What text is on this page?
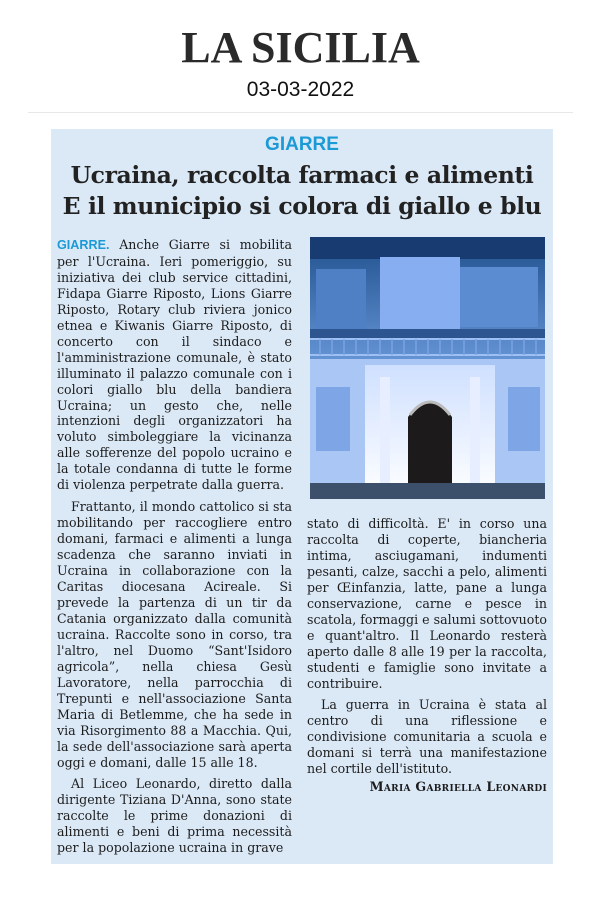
LA SICILIA
03-03-2022
GIARRE
Ucraina, raccolta farmaci e alimenti
E il municipio si colora di giallo e blu

GIARRE. Anche Giarre si mobilita per l'Ucraina. Ieri pomeriggio, su iniziativa dei club service cittadini, Fidapa Giarre Riposto, Lions Giarre Riposto, Rotary club riviera jonico etnea e Kiwanis Giarre Riposto, di concerto con il sindaco e l'amministrazione comunale, è stato illuminato il palazzo comunale con i colori giallo blu della bandiera Ucraina; un gesto che, nelle intenzioni degli organizzatori ha voluto simboleggiare la vicinanza alle sofferenze del popolo ucraino e la totale condanna di tutte le forme di violenza perpetrate dalla guerra.

Frattanto, il mondo cattolico si sta mobilitando per raccogliere entro domani, farmaci e alimenti a lunga scadenza che saranno inviati in Ucraina in collaborazione con la Caritas diocesana Acireale. Si prevede la partenza di un tir da Catania organizzato dalla comunità ucraina. Raccolte sono in corso, tra l'altro, nel Duomo “Sant'Isidoro agricola”, nella chiesa Gesù Lavoratore, nella parrocchia di Trepunti e nell'associazione Santa Maria di Betlemme, che ha sede in via Risorgimento 88 a Macchia. Qui, la sede dell'associazione sarà aperta oggi e domani, dalle 15 alle 18.

Al Liceo Leonardo, diretto dalla dirigente Tiziana D'Anna, sono state raccolte le prime donazioni di alimenti e beni di prima necessità per la popolazione ucraina in grave

stato di difficoltà. E' in corso una raccolta di coperte, biancheria intima, asciugamani, indumenti pesanti, calze, sacchi a pelo, alimenti per Œinfanzia, latte, pane a lunga conservazione, carne e pesce in scatola, formaggi e salumi sottovuoto e quant'altro. Il Leonardo resterà aperto dalle 8 alle 19 per la raccolta, studenti e famiglie sono invitate a contribuire.

La guerra in Ucraina è stata al centro di una riflessione e condivisione comunitaria a scuola e domani si terrà una manifestazione nel cortile dell'istituto.

Maria Gabriella Leonardi
